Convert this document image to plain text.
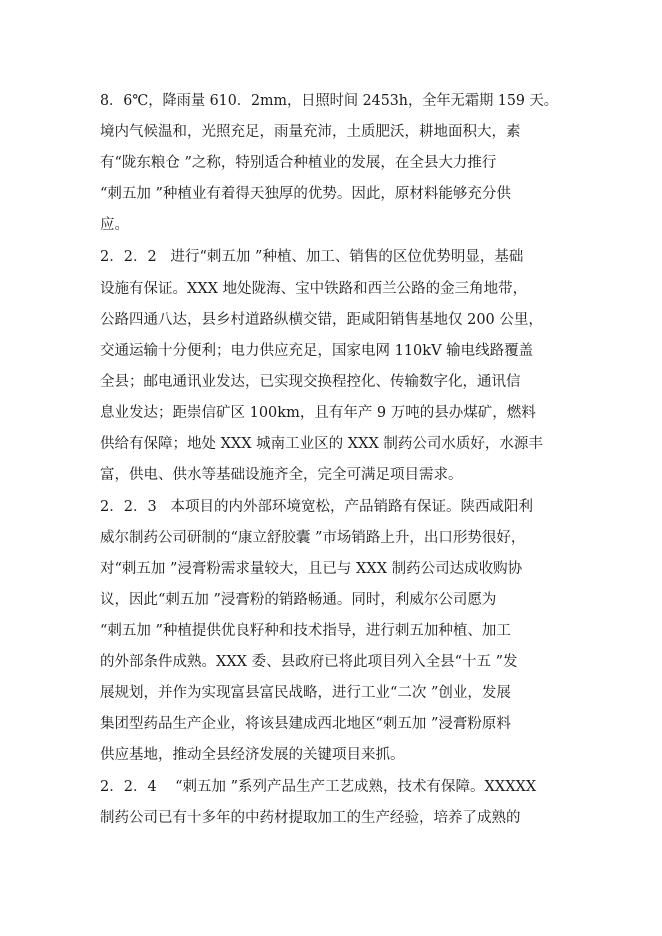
8．6℃，降雨量 610．2mm，日照时间 2453h，全年无霜期 159 天。
境内气候温和，光照充足，雨量充沛，土质肥沃，耕地面积大，素
有“陇东粮仓 ”之称，特别适合种植业的发展，在全县大力推行
“刺五加 ”种植业有着得天独厚的优势。因此，原材料能够充分供
应。
2．2．2   进行“刺五加 ”种植、加工、销售的区位优势明显，基础
设施有保证。XXX 地处陇海、宝中铁路和西兰公路的金三角地带，
公路四通八达，县乡村道路纵横交错，距咸阳销售基地仅 200 公里，
交通运输十分便利；电力供应充足，国家电网 110kV 输电线路覆盖
全县；邮电通讯业发达，已实现交换程控化、传输数字化，通讯信
息业发达；距崇信矿区 100km，且有年产 9 万吨的县办煤矿，燃料
供给有保障；地处 XXX 城南工业区的 XXX 制药公司水质好，水源丰
富，供电、供水等基础设施齐全，完全可满足项目需求。
2．2．3   本项目的内外部环境宽松，产品销路有保证。陕西咸阳利
威尔制药公司研制的“康立舒胶囊 ”市场销路上升，出口形势很好，
对“刺五加 ”浸膏粉需求量较大，且已与 XXX 制药公司达成收购协
议，因此“刺五加 ”浸膏粉的销路畅通。同时，利威尔公司愿为
“刺五加 ”种植提供优良籽种和技术指导，进行刺五加种植、加工
的外部条件成熟。XXX 委、县政府已将此项目列入全县“十五 ”发
展规划，并作为实现富县富民战略，进行工业“二次 ”创业，发展
集团型药品生产企业，将该县建成西北地区“刺五加 ”浸膏粉原料
供应基地，推动全县经济发展的关键项目来抓。
2．2．4    “刺五加 ”系列产品生产工艺成熟，技术有保障。XXXXX
制药公司已有十多年的中药材提取加工的生产经验，培养了成熟的
